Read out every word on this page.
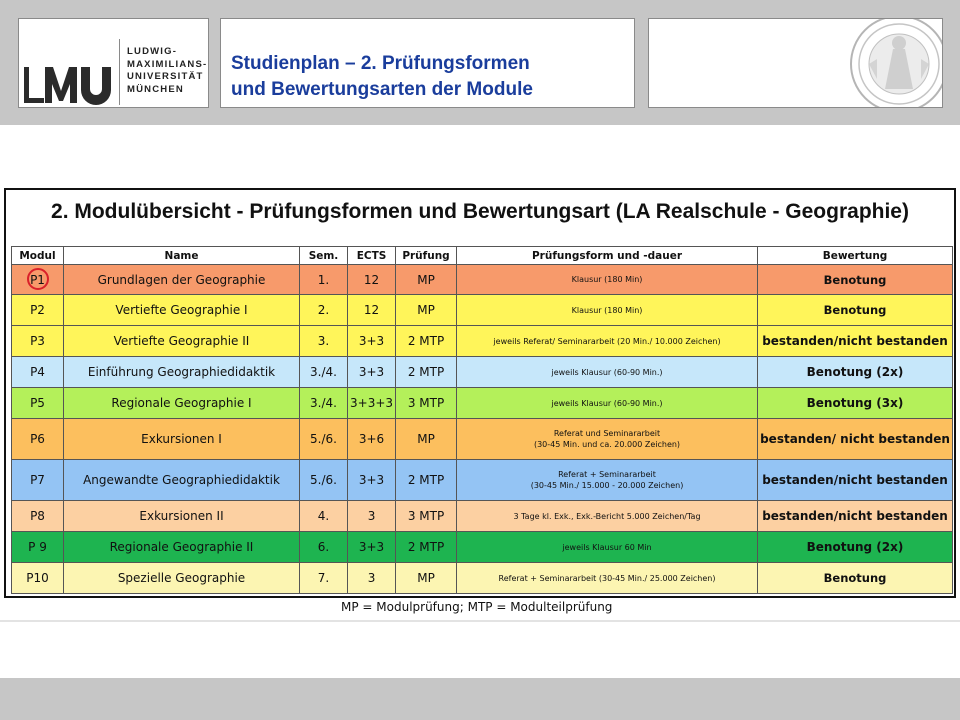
LUDWIG-
MAXIMILIANS-
UNIVERSITÄT
MÜNCHEN
Studienplan – 2. Prüfungsformen
und Bewertungsarten der Module
2. Modulübersicht - Prüfungsformen und Bewertungsart (LA Realschule - Geographie)
Modul	Name	Sem.	ECTS	Prüfung	Prüfungsform und -dauer	Bewertung
P1	Grundlagen der Geographie	1.	12	MP	Klausur (180 Min)	Benotung
P2	Vertiefte Geographie I	2.	12	MP	Klausur (180 Min)	Benotung
P3	Vertiefte Geographie II	3.	3+3	2 MTP	jeweils Referat/ Seminararbeit (20 Min./ 10.000 Zeichen)	bestanden/nicht bestanden
P4	Einführung Geographiedidaktik	3./4.	3+3	2 MTP	jeweils Klausur (60-90 Min.)	Benotung (2x)
P5	Regionale Geographie I	3./4.	3+3+3	3 MTP	jeweils Klausur (60-90 Min.)	Benotung (3x)
P6	Exkursionen I	5./6.	3+6	MP	Referat und Seminararbeit
(30-45 Min. und ca. 20.000 Zeichen)	bestanden/ nicht bestanden
P7	Angewandte Geographiedidaktik	5./6.	3+3	2 MTP	Referat + Seminararbeit
(30-45 Min./ 15.000 - 20.000 Zeichen)	bestanden/nicht bestanden
P8	Exkursionen II	4.	3	3 MTP	3 Tage kl. Exk., Exk.-Bericht 5.000 Zeichen/Tag	bestanden/nicht bestanden
P 9	Regionale Geographie II	6.	3+3	2 MTP	jeweils Klausur 60 Min	Benotung (2x)
P10	Spezielle Geographie	7.	3	MP	Referat + Seminararbeit (30-45 Min./ 25.000 Zeichen)	Benotung
MP = Modulprüfung; MTP = Modulteilprüfung
